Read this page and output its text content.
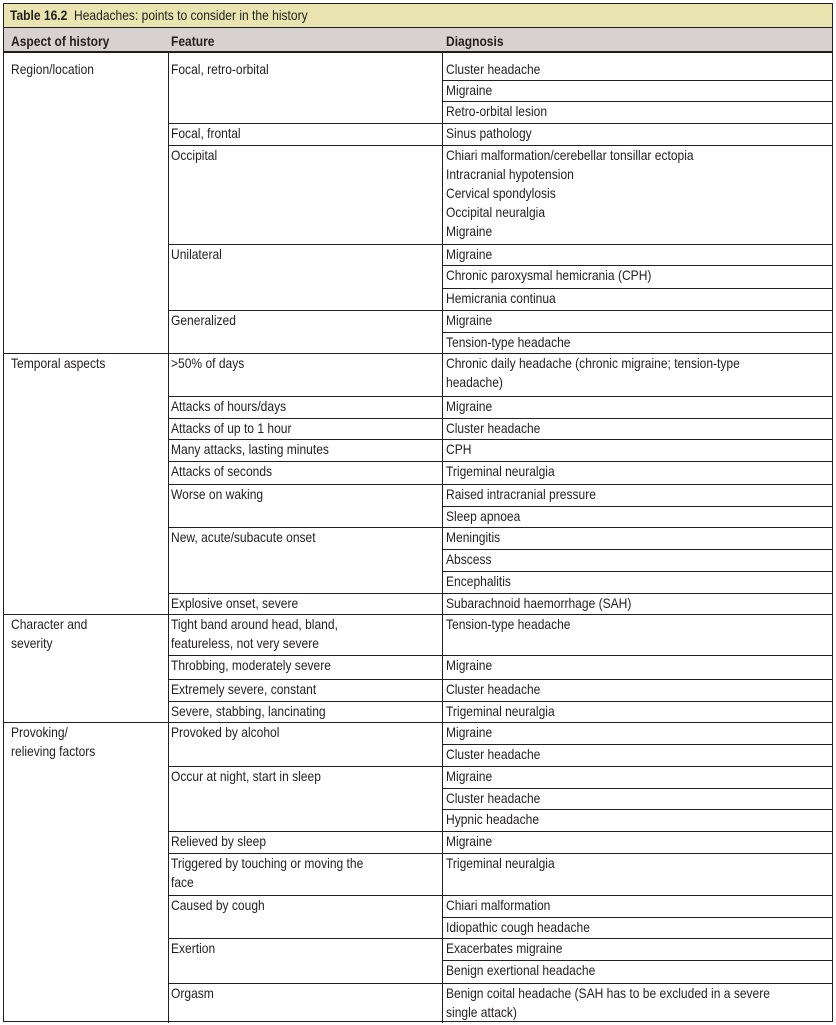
Table 16.2 Headaches: points to consider in the history
Aspect of history	Feature	Diagnosis
Region/location
Temporal aspects
Character and
severity
Provoking/
relieving factors
Focal, retro-orbital
Focal, frontal
Occipital
Unilateral
Generalized
>50% of days
Attacks of hours/days
Attacks of up to 1 hour
Many attacks, lasting minutes
Attacks of seconds
Worse on waking
New, acute/subacute onset
Explosive onset, severe
Tight band around head, bland,
featureless, not very severe
Throbbing, moderately severe
Extremely severe, constant
Severe, stabbing, lancinating
Provoked by alcohol
Occur at night, start in sleep
Relieved by sleep
Triggered by touching or moving the
face
Caused by cough
Exertion
Orgasm
Cluster headache
Migraine
Retro-orbital lesion
Sinus pathology
Chiari malformation/cerebellar tonsillar ectopia
Intracranial hypotension
Cervical spondylosis
Occipital neuralgia
Migraine
Migraine
Chronic paroxysmal hemicrania (CPH)
Hemicrania continua
Migraine
Tension-type headache
Chronic daily headache (chronic migraine; tension-type
headache)
Migraine
Cluster headache
CPH
Trigeminal neuralgia
Raised intracranial pressure
Sleep apnoea
Meningitis
Abscess
Encephalitis
Subarachnoid haemorrhage (SAH)
Tension-type headache
Migraine
Cluster headache
Trigeminal neuralgia
Migraine
Cluster headache
Migraine
Cluster headache
Hypnic headache
Migraine
Trigeminal neuralgia
Chiari malformation
Idiopathic cough headache
Exacerbates migraine
Benign exertional headache
Benign coital headache (SAH has to be excluded in a severe
single attack)
